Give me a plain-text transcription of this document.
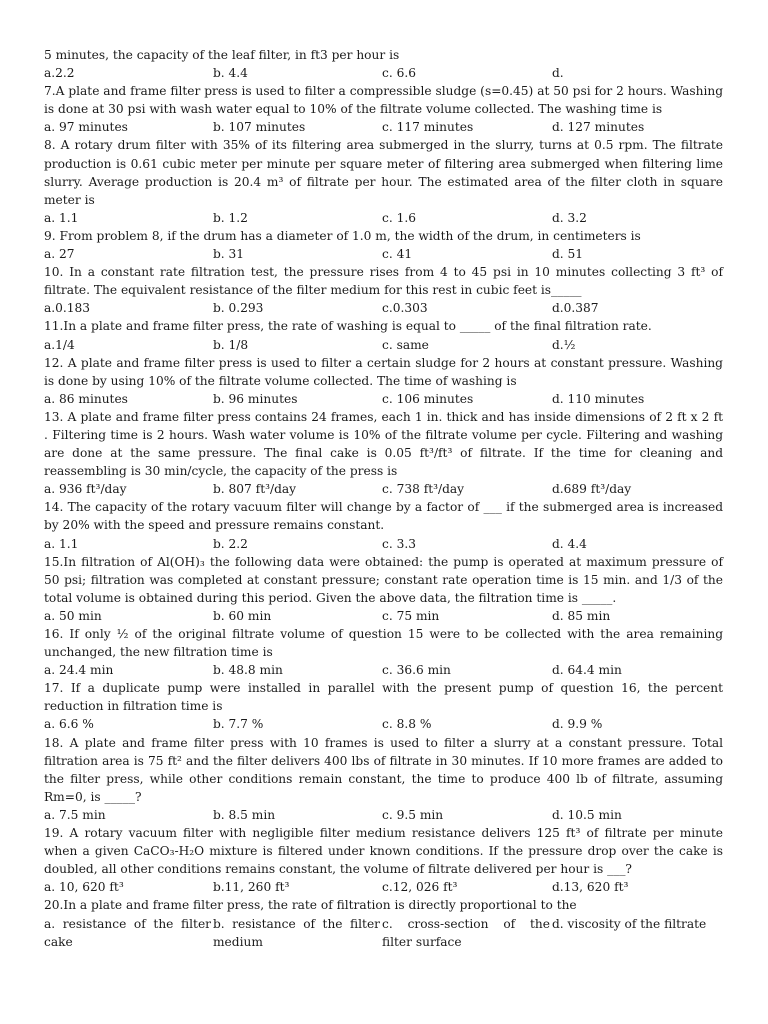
5 minutes, the capacity of the leaf filter, in ft3 per hour is
a.2.2	b. 4.4	c. 6.6	d.
7.A plate and frame filter press is used to filter a compressible sludge (s=0.45) at 50 psi for 2 hours. Washing is done at 30 psi with wash water equal to 10% of the filtrate volume collected. The washing time is
a. 97 minutes	b. 107 minutes	c. 117 minutes	d. 127 minutes
8. A rotary drum filter with 35% of its filtering area submerged in the slurry, turns at 0.5 rpm. The filtrate production is 0.61 cubic meter per minute per square meter of filtering area submerged when filtering lime slurry. Average production is 20.4 m³ of filtrate per hour. The estimated area of the filter cloth in square meter is
a. 1.1	b. 1.2	c. 1.6	d. 3.2
9. From problem 8, if the drum has a diameter of 1.0 m, the width of the drum, in centimeters is
a. 27	b. 31	c. 41	d. 51
10. In a constant rate filtration test, the pressure rises from 4 to 45 psi in 10 minutes collecting 3 ft³ of filtrate. The equivalent resistance of the filter medium for this rest in cubic feet is_____
a.0.183	b. 0.293	c.0.303	d.0.387
11.In a plate and frame filter press, the rate of washing is equal to _____ of the final filtration rate.
a.1/4	b. 1/8	c. same	d.½
12. A plate and frame filter press is used to filter a certain sludge for 2 hours at constant pressure. Washing is done by using 10% of the filtrate volume collected. The time of washing is
a. 86 minutes	b. 96 minutes	c. 106 minutes	d. 110 minutes
13. A plate and frame filter press contains 24 frames, each 1 in. thick and has inside dimensions of 2 ft x 2 ft . Filtering time is 2 hours. Wash water volume is 10% of the filtrate volume per cycle. Filtering and washing are done at the same pressure. The final cake is 0.05 ft³/ft³ of filtrate. If the time for cleaning and reassembling is 30 min/cycle, the capacity of the press is
a. 936 ft³/day	b. 807 ft³/day	c. 738 ft³/day	d.689 ft³/day
14. The capacity of the rotary vacuum filter will change by a factor of ___ if the submerged area is increased by 20% with the speed and pressure remains constant.
a. 1.1	b. 2.2	c. 3.3	d. 4.4
15.In filtration of Al(OH)₃ the following data were obtained: the pump is operated at maximum pressure of 50 psi; filtration was completed at constant pressure; constant rate operation time is 15 min. and 1/3 of the total volume is obtained during this period. Given the above data, the filtration time is _____.
a. 50 min	b. 60 min	c. 75 min	d. 85 min
16. If only ½ of the original filtrate volume of question 15 were to be collected with the area remaining unchanged, the new filtration time is
a. 24.4 min	b. 48.8 min	c. 36.6 min	d. 64.4 min
17. If a duplicate pump were installed in parallel with the present pump of question 16, the percent reduction in filtration time is
a. 6.6 %	b. 7.7 %	c. 8.8 %	d. 9.9 %
18. A plate and frame filter press with 10 frames is used to filter a slurry at a constant pressure. Total filtration area is 75 ft² and the filter delivers 400 lbs of filtrate in 30 minutes. If 10 more frames are added to the filter press, while other conditions remain constant, the time to produce 400 lb of filtrate, assuming Rm=0, is _____?
a. 7.5 min	b. 8.5 min	c. 9.5 min	d. 10.5 min
19. A rotary vacuum filter with negligible filter medium resistance delivers 125 ft³ of filtrate per minute when a given CaCO₃-H₂O mixture is filtered under known conditions. If the pressure drop over the cake is doubled, all other conditions remains constant, the volume of filtrate delivered per hour is ___?
a. 10, 620 ft³	b.11, 260 ft³	c.12, 026 ft³	d.13, 620 ft³
20.In a plate and frame filter press, the rate of filtration is directly proportional to the
a. resistance of the filter cake
b. resistance of the filter medium
c. cross-section of the filter surface
d. viscosity of the filtrate
